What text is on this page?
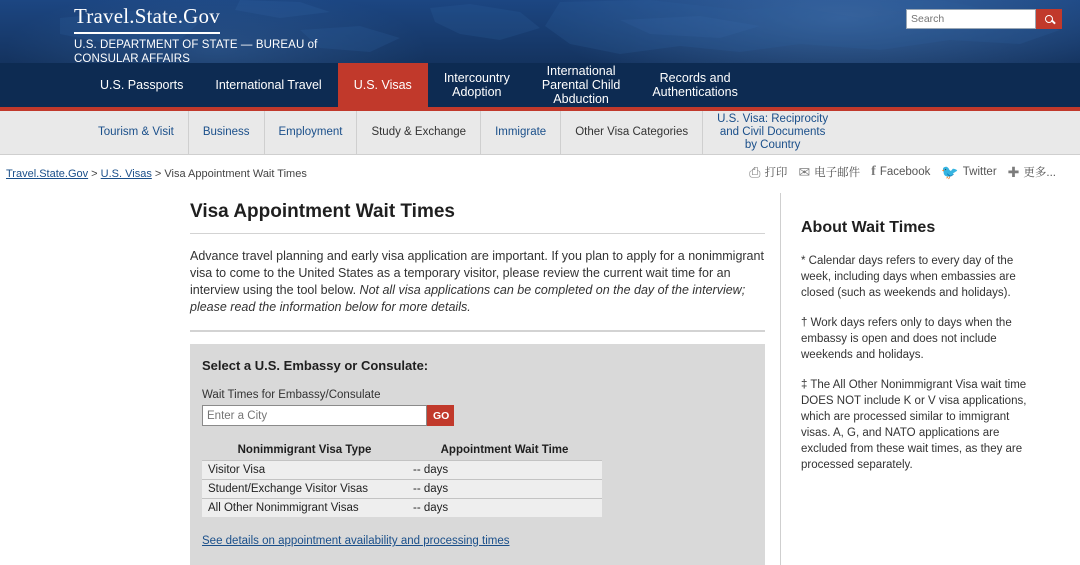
Travel.State.Gov
U.S. DEPARTMENT OF STATE — BUREAU of
CONSULAR AFFAIRS
Search
U.S. Passports	International Travel	U.S. Visas	Intercountry
Adoption
International
Parental Child
Abduction
Records and
Authentications
Tourism & Visit	Business	Employment	Study & Exchange	Immigrate	Other Visa Categories
U.S. Visa: Reciprocity
and Civil Documents
by Country
Travel.State.Gov > U.S. Visas > Visa Appointment Wait Times	⎙ 打印 ✉ 电子邮件 f Facebook 🐦 Twitter ✚ 更多...
Visa Appointment Wait Times

Advance travel planning and early visa application are important. If you plan to apply for a nonimmigrant visa to come to the United States as a temporary visitor, please review the current wait time for an interview using the tool below. Not all visa applications can be completed on the day of the interview; please read the information below for more details.

Select a U.S. Embassy or Consulate:
Wait Times for Embassy/Consulate
Enter a City
GO
Nonimmigrant Visa Type	Appointment Wait Time
Visitor Visa	-- days
Student/Exchange Visitor Visas	-- days
All Other Nonimmigrant Visas	-- days
See details on appointment availability and processing times
About Wait Times

* Calendar days refers to every day of the week, including days when embassies are closed (such as weekends and holidays).

† Work days refers only to days when the embassy is open and does not include weekends and holidays.

‡ The All Other Nonimmigrant Visa wait time DOES NOT include K or V visa applications, which are processed similar to immigrant visas. A, G, and NATO applications are excluded from these wait times, as they are processed separately.
